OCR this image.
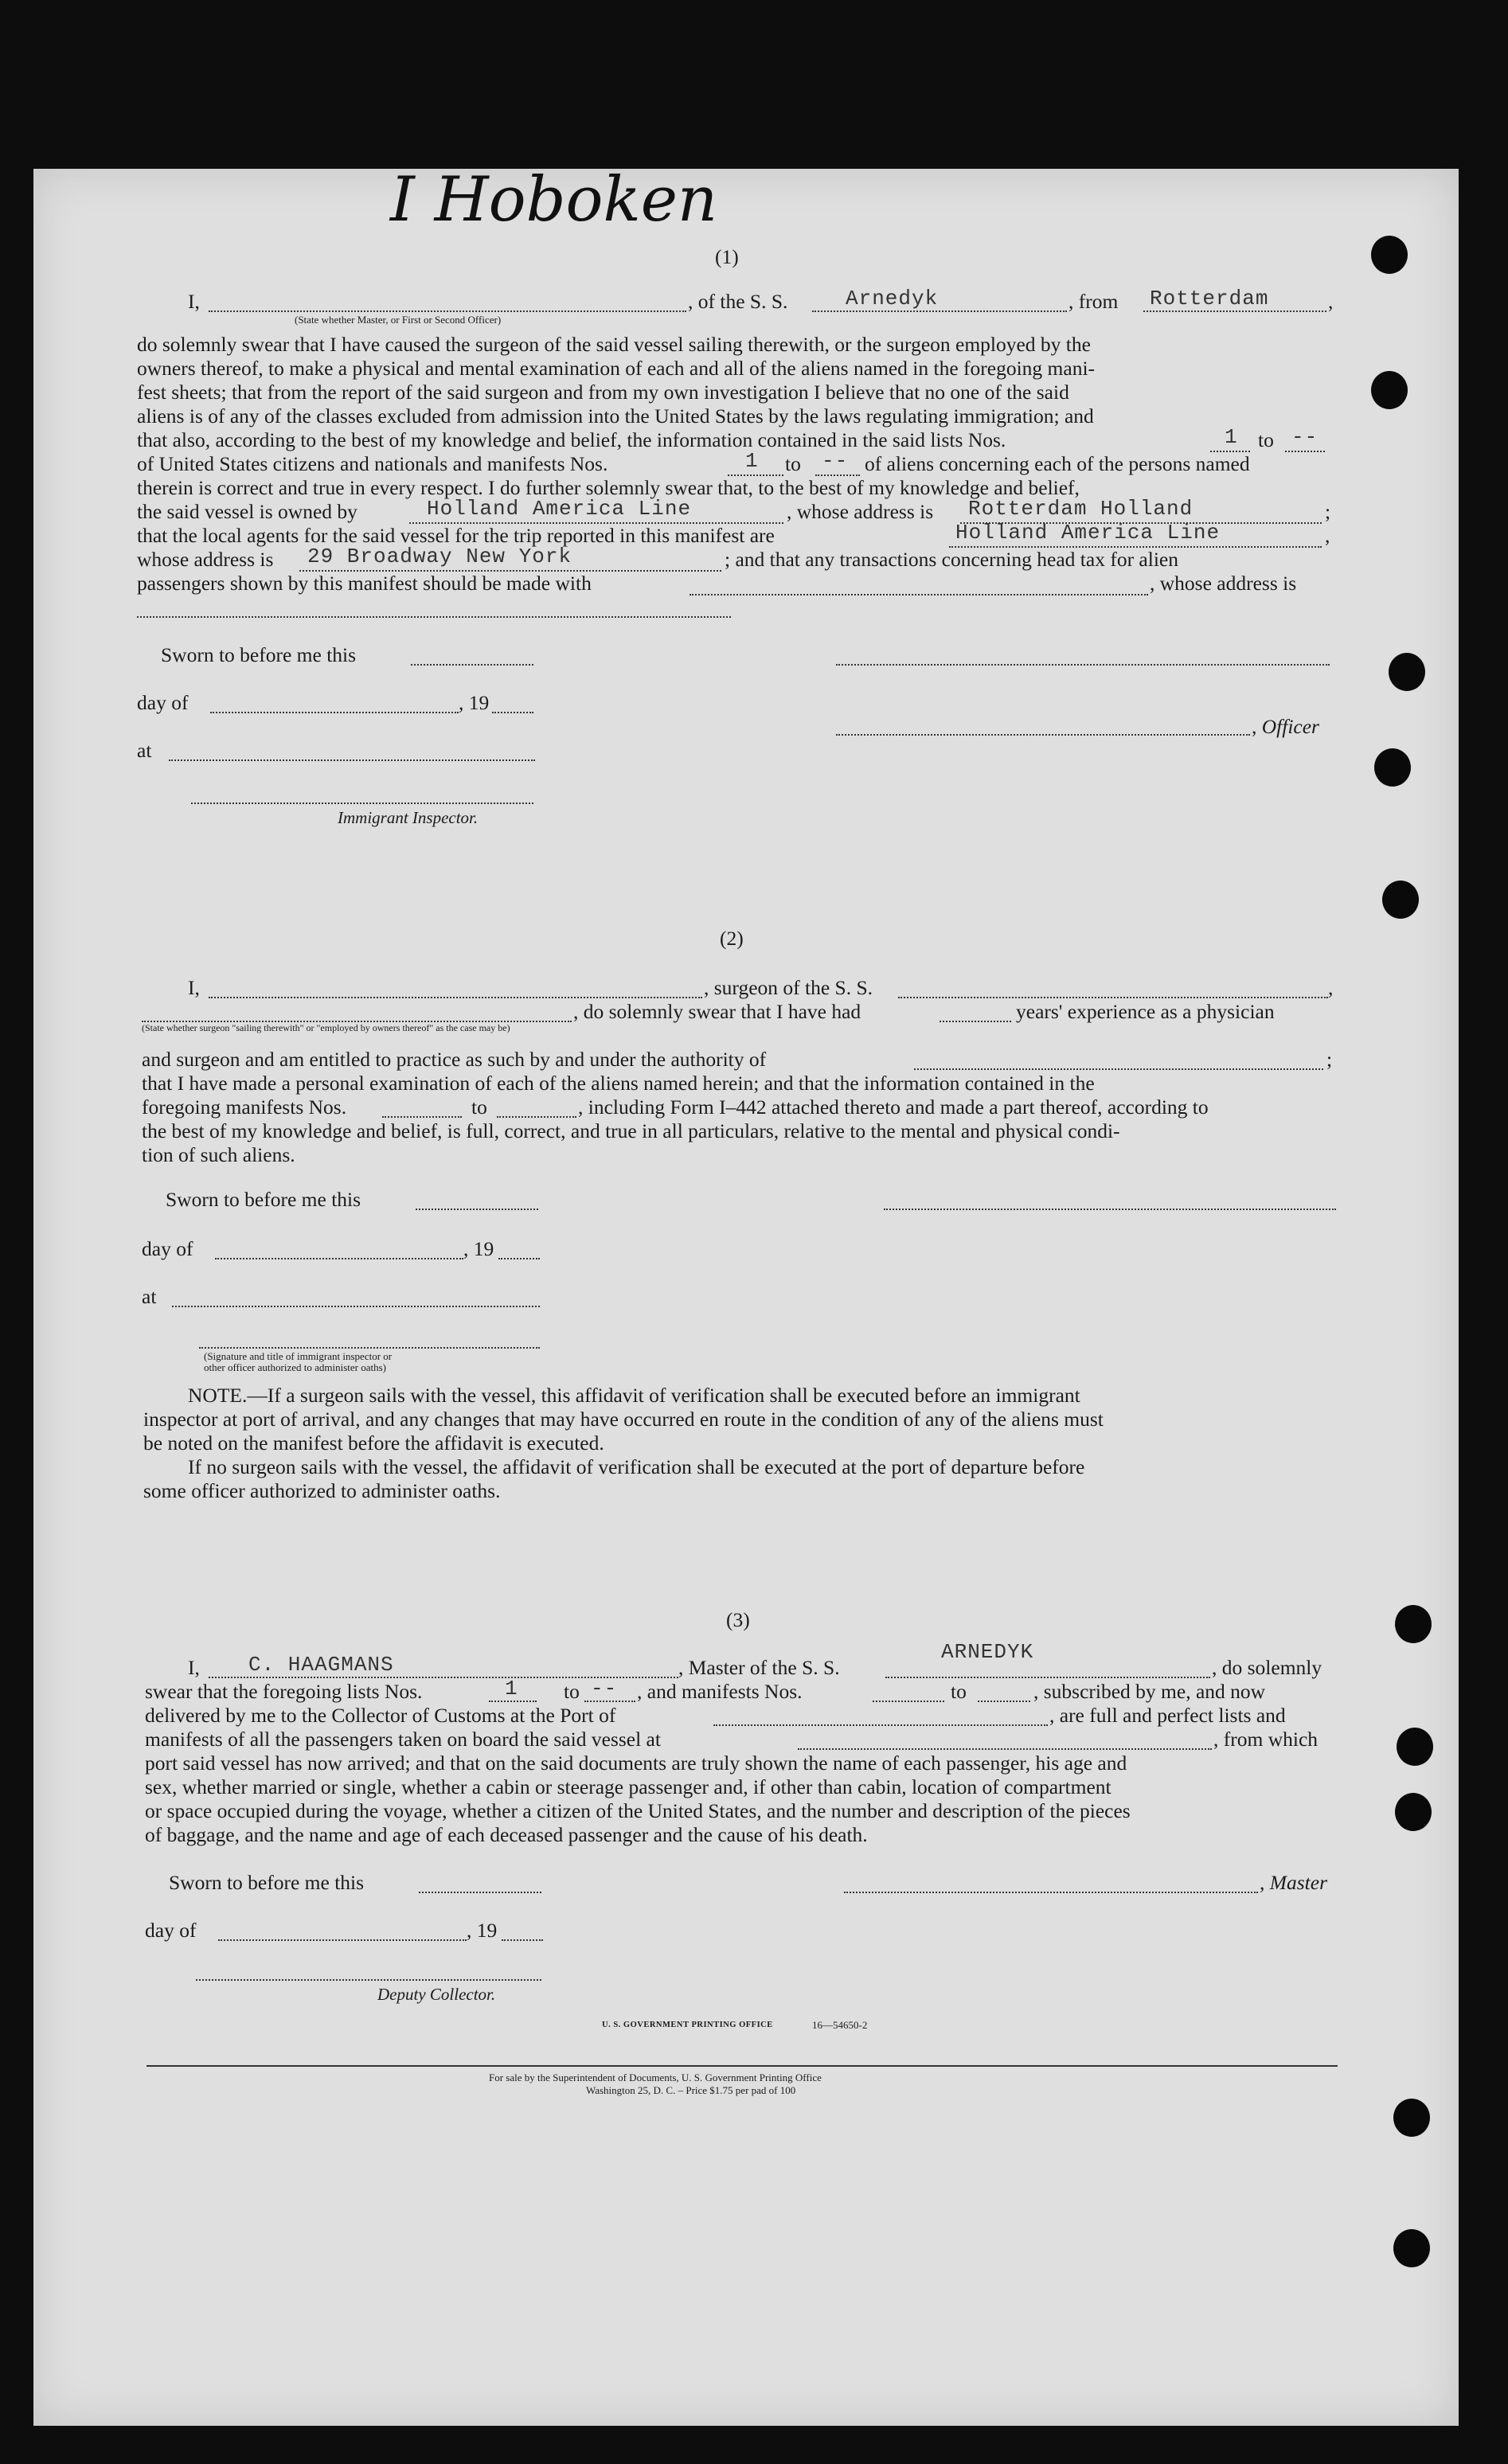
I Hoboken
(1)
I,
(State whether Master, or First or Second Officer)
, of the S. S.	Arnedyk	, from Rotterdam	,
do solemnly swear that I have caused the surgeon of the said vessel sailing therewith, or the surgeon employed by the
owners thereof, to make a physical and mental examination of each and all of the aliens named in the foregoing mani-
fest sheets; that from the report of the said surgeon and from my own investigation I believe that no one of the said
aliens is of any of the classes excluded from admission into the United States by the laws regulating immigration; and
that also, according to the best of my knowledge and belief, the information contained in the said lists Nos.	1 to --
of United States citizens and nationals and manifests Nos.	1 to -- of aliens concerning each of the persons named
therein is correct and true in every respect. I do further solemnly swear that, to the best of my knowledge and belief,
the said vessel is owned by	Holland America Line	, whose address is Rotterdam Holland	;
that the local agents for the said vessel for the trip reported in this manifest are	Holland America Line	,
whose address is 29 Broadway New York	; and that any transactions concerning head tax for alien
passengers shown by this manifest should be made with	, whose address is
Sworn to before me this
day of	, 19
, Officer
at
Immigrant Inspector.
(2)
I,	, surgeon of the S. S.	,
, do solemnly swear that I have had	years' experience as a physician
(State whether surgeon "sailing therewith" or "employed by owners thereof" as the case may be)
and surgeon and am entitled to practice as such by and under the authority of	;
that I have made a personal examination of each of the aliens named herein; and that the information contained in the
foregoing manifests Nos.	to	, including Form I–442 attached thereto and made a part thereof, according to
the best of my knowledge and belief, is full, correct, and true in all particulars, relative to the mental and physical condi-
tion of such aliens.
Sworn to before me this
day of	, 19
at
(Signature and title of immigrant inspector or
other officer authorized to administer oaths)
NOTE.—If a surgeon sails with the vessel, this affidavit of verification shall be executed before an immigrant
inspector at port of arrival, and any changes that may have occurred en route in the condition of any of the aliens must
be noted on the manifest before the affidavit is executed.
If no surgeon sails with the vessel, the affidavit of verification shall be executed at the port of departure before
some officer authorized to administer oaths.
(3)
I, C. HAAGMANS	, Master of the S. S.
ARNEDYK
, do solemnly
swear that the foregoing lists Nos.	1 to -- , and manifests Nos.	to	, subscribed by me, and now
delivered by me to the Collector of Customs at the Port of	, are full and perfect lists and
manifests of all the passengers taken on board the said vessel at	, from which
port said vessel has now arrived; and that on the said documents are truly shown the name of each passenger, his age and
sex, whether married or single, whether a cabin or steerage passenger and, if other than cabin, location of compartment
or space occupied during the voyage, whether a citizen of the United States, and the number and description of the pieces
of baggage, and the name and age of each deceased passenger and the cause of his death.
Sworn to before me this	, Master
day of	, 19
Deputy Collector.
U. S. GOVERNMENT PRINTING OFFICE	16—54650-2
For sale by the Superintendent of Documents, U. S. Government Printing Office
Washington 25, D. C. – Price $1.75 per pad of 100
